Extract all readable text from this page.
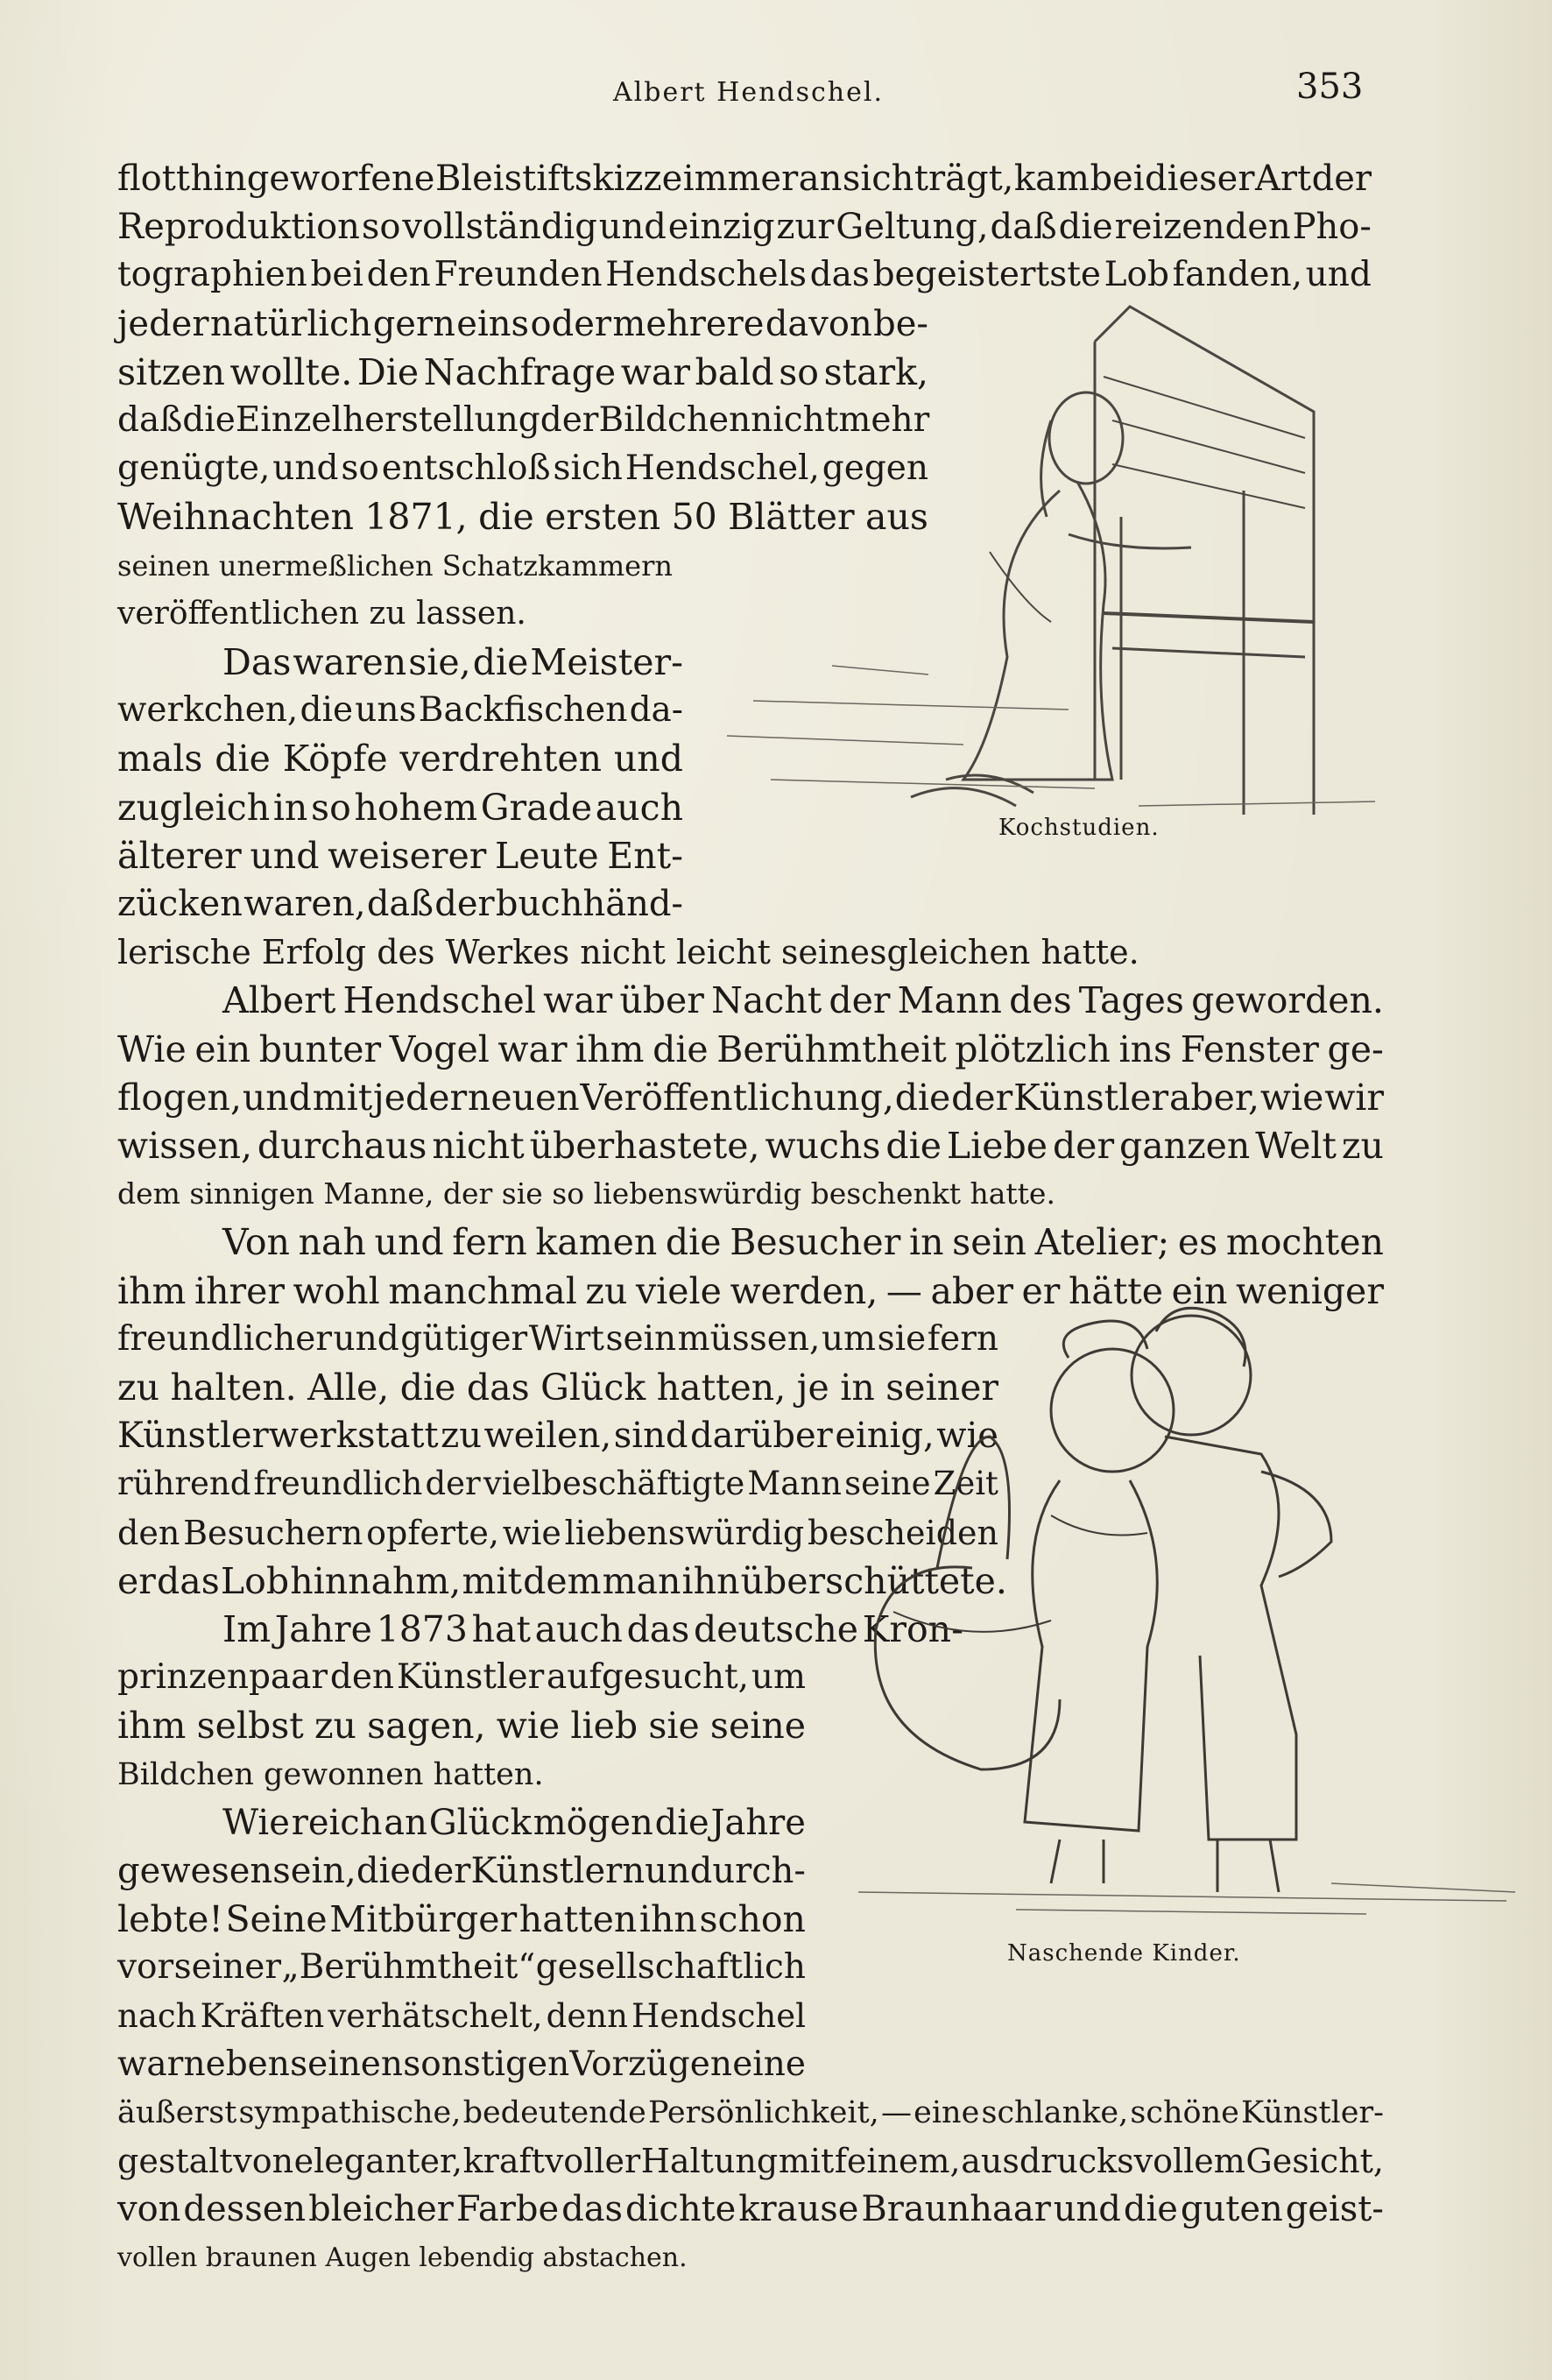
Albert Hendschel.	353
flott hingeworfene Bleistiftskizze immer an sich trägt, kam bei dieser Art der
Reproduktion so vollständig und einzig zur Geltung, daß die reizenden Pho-
tographien bei den Freunden Hendschels das begeistertste Lob fanden, und
jeder natürlich gern eins oder mehrere davon be-
sitzen wollte. Die Nachfrage war bald so stark,
daß die Einzelherstellung der Bildchen nicht mehr
genügte, und so entschloß sich Hendschel, gegen
Weihnachten 1871, die ersten 50 Blätter aus
seinen unermeßlichen Schatzkammern
veröffentlichen zu lassen.
Das waren sie, die Meister-
werkchen, die uns Backfischen da-
mals die Köpfe verdrehten und
zugleich in so hohem Grade auch
älterer und weiserer Leute Ent-
zücken waren, daß der buchhänd-
lerische Erfolg des Werkes nicht leicht seinesgleichen hatte.
Albert Hendschel war über Nacht der Mann des Tages geworden.
Wie ein bunter Vogel war ihm die Berühmtheit plötzlich ins Fenster ge-
flogen, und mit jeder neuen Veröffentlichung, die der Künstler aber, wie wir
wissen, durchaus nicht überhastete, wuchs die Liebe der ganzen Welt zu
dem sinnigen Manne, der sie so liebenswürdig beschenkt hatte.
Von nah und fern kamen die Besucher in sein Atelier; es mochten
ihm ihrer wohl manchmal zu viele werden, — aber er hätte ein weniger
freundlicher und gütiger Wirt sein müssen, um sie fern
zu halten. Alle, die das Glück hatten, je in seiner
Künstlerwerkstatt zu weilen, sind darüber einig, wie
rührend freundlich der vielbeschäftigte Mann seine Zeit
den Besuchern opferte, wie liebenswürdig bescheiden
er das Lob hinnahm, mit dem man ihn überschüttete.
Im Jahre 1873 hat auch das deutsche Kron-
prinzenpaar den Künstler aufgesucht, um
ihm selbst zu sagen, wie lieb sie seine
Bildchen gewonnen hatten.
Wie reich an Glück mögen die Jahre
gewesen sein, die der Künstler nun durch-
lebte! Seine Mitbürger hatten ihn schon
vor seiner „Berühmtheit“ gesellschaftlich
nach Kräften verhätschelt, denn Hendschel
war neben seinen sonstigen Vorzügen eine
äußerst sympathische, bedeutende Persönlichkeit, — eine schlanke, schöne Künstler-
gestalt von eleganter, kraftvoller Haltung mit feinem, ausdrucksvollem Gesicht,
von dessen bleicher Farbe das dichte krause Braunhaar und die guten geist-
vollen braunen Augen lebendig abstachen.
Kochstudien.
Naschende Kinder.
